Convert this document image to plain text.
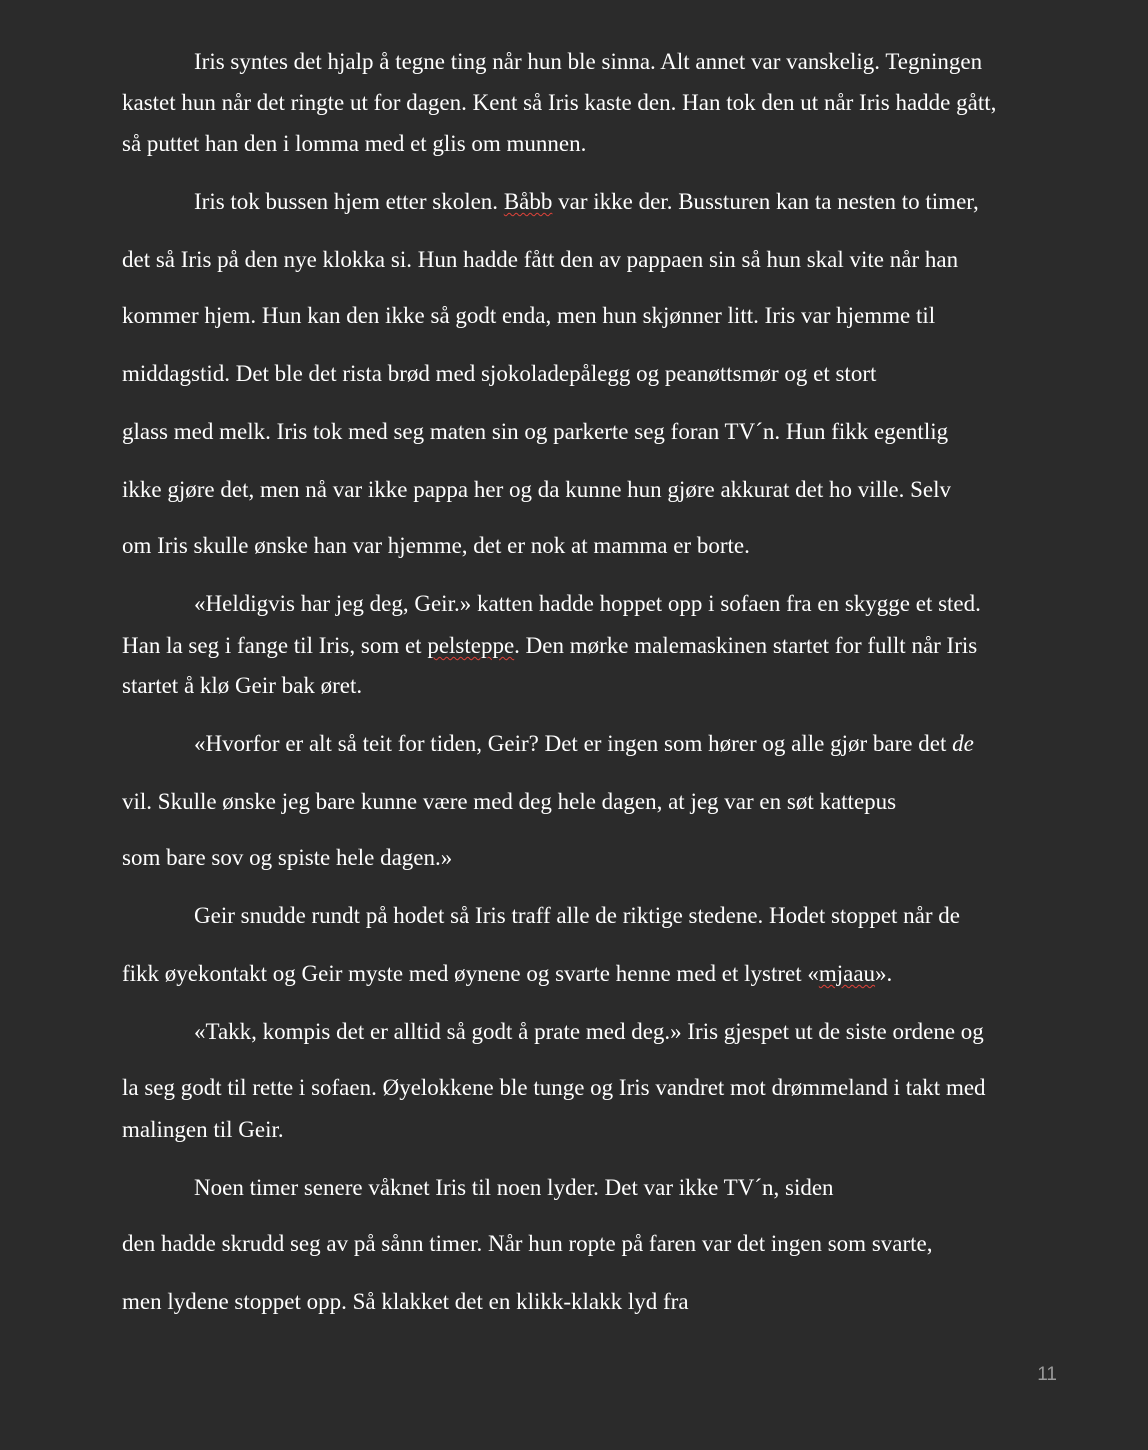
Iris syntes det hjalp å tegne ting når hun ble sinna. Alt annet var vanskelig. Tegningen
kastet hun når det ringte ut for dagen. Kent så Iris kaste den. Han tok den ut når Iris hadde gått,
så puttet han den i lomma med et glis om munnen.
Iris tok bussen hjem etter skolen. Båbb var ikke der. Bussturen kan ta nesten to timer,
det så Iris på den nye klokka si. Hun hadde fått den av pappaen sin så hun skal vite når han
kommer hjem. Hun kan den ikke så godt enda, men hun skjønner litt. Iris var hjemme til
middagstid. Det ble det rista brød med sjokoladepålegg og peanøttsmør og et stort
glass med melk. Iris tok med seg maten sin og parkerte seg foran TV´n. Hun fikk egentlig
ikke gjøre det, men nå var ikke pappa her og da kunne hun gjøre akkurat det ho ville. Selv
om Iris skulle ønske han var hjemme, det er nok at mamma er borte.
«Heldigvis har jeg deg, Geir.» katten hadde hoppet opp i sofaen fra en skygge et sted.
Han la seg i fange til Iris, som et pelsteppe. Den mørke malemaskinen startet for fullt når Iris
startet å klø Geir bak øret.
«Hvorfor er alt så teit for tiden, Geir? Det er ingen som hører og alle gjør bare det de
vil. Skulle ønske jeg bare kunne være med deg hele dagen, at jeg var en søt kattepus
som bare sov og spiste hele dagen.»
Geir snudde rundt på hodet så Iris traff alle de riktige stedene. Hodet stoppet når de
fikk øyekontakt og Geir myste med øynene og svarte henne med et lystret «mjaau».
«Takk, kompis det er alltid så godt å prate med deg.» Iris gjespet ut de siste ordene og
la seg godt til rette i sofaen. Øyelokkene ble tunge og Iris vandret mot drømmeland i takt med
malingen til Geir.
Noen timer senere våknet Iris til noen lyder. Det var ikke TV´n, siden
den hadde skrudd seg av på sånn timer. Når hun ropte på faren var det ingen som svarte,
men lydene stoppet opp. Så klakket det en klikk-klakk lyd fra
11
